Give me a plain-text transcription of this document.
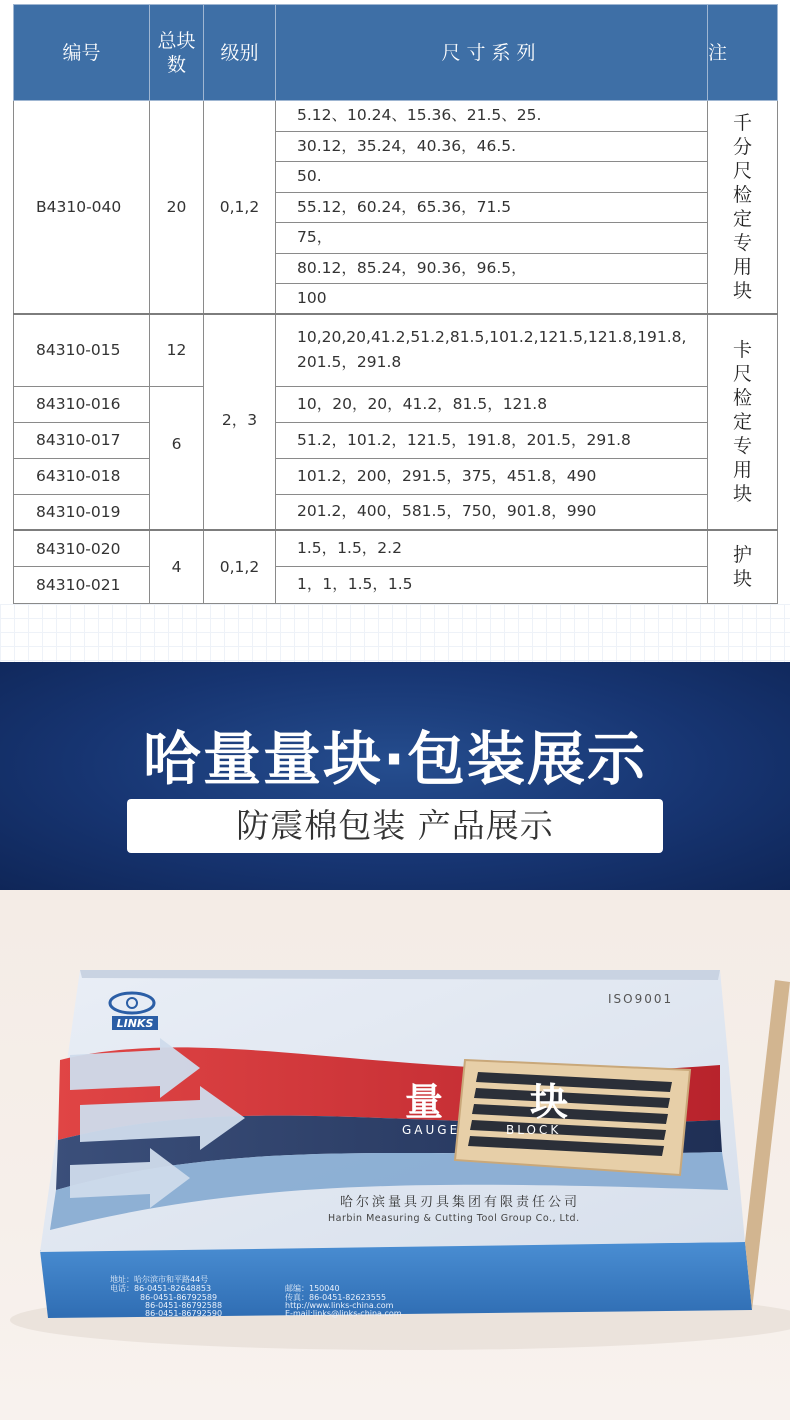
编号	总块数	级别	尺寸系列	注
B4310-040	20	0,1,2	5.12、10.24、15.36、21.5、25.	千分尺检定专用块
			30.12，35.24，40.36，46.5.	
			50.	
			55.12，60.24，65.36，71.5	
			75，	
			80.12，85.24，90.36，96.5，	
			100	
84310-015	12	2，3	10,20,20,41.2,51.2,81.5,101.2,121.5,121.8,191.8,
201.5，291.8	卡尺检定专用块
84310-016	6		10，20，20，41.2，81.5，121.8	
84310-017			51.2，101.2，121.5，191.8，201.5，291.8	
64310-018			101.2，200，291.5，375，451.8，490	
84310-019			201.2，400，581.5，750，901.8，990	
84310-020	4	0,1,2	1.5，1.5，2.2	护块
84310-021			1，1，1.5，1.5	
哈量量块·包装展示
防震棉包装 产品展示
LINKS
ISO9001
量 块
GAUGE	BLOCK
哈尔滨量具刃具集团有限责任公司
Harbin Measuring & Cutting Tool Group Co., Ltd.
地址：哈尔滨市和平路44号
电话：86-0451-82648853
86-0451-86792589
86-0451-86792588
86-0451-86792590
邮编：150040
传真：86-0451-82623555
http://www.links-china.com
E-mail:links@links-china.com
